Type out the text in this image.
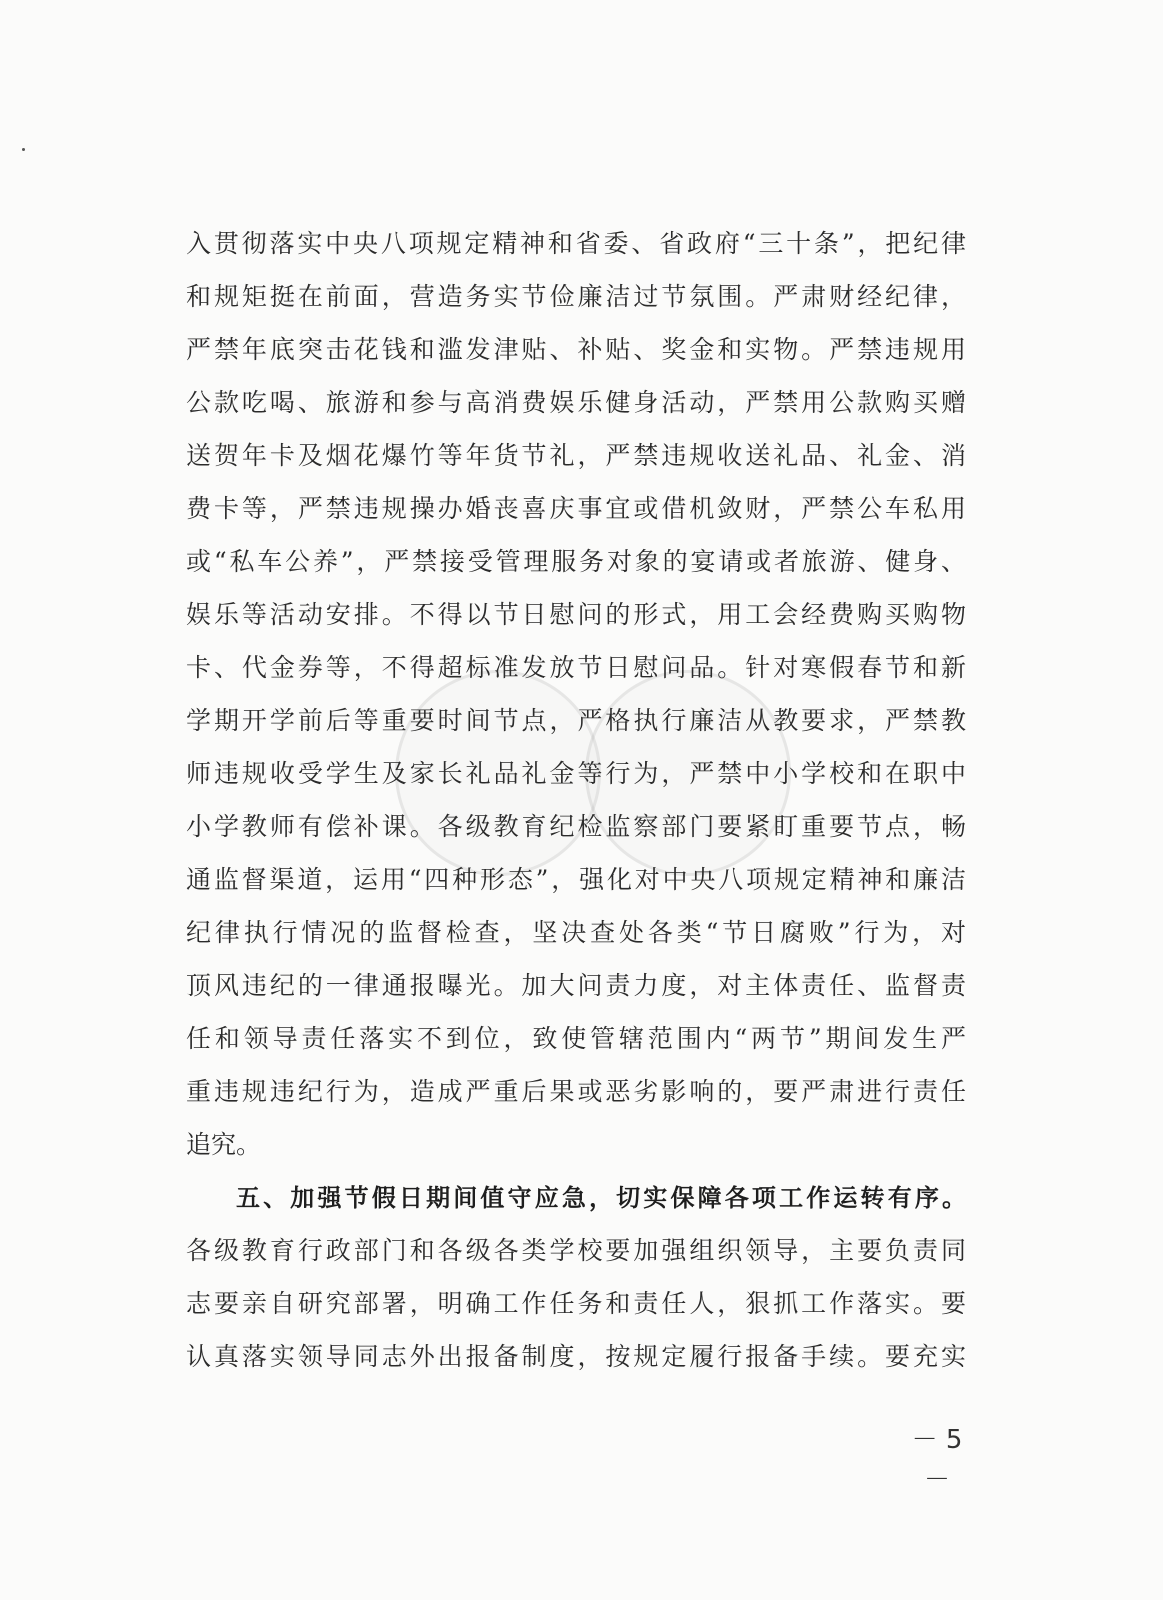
入贯彻落实中央八项规定精神和省委、省政府“三十条”，把纪律
和规矩挺在前面，营造务实节俭廉洁过节氛围。严肃财经纪律，
严禁年底突击花钱和滥发津贴、补贴、奖金和实物。严禁违规用
公款吃喝、旅游和参与高消费娱乐健身活动，严禁用公款购买赠
送贺年卡及烟花爆竹等年货节礼，严禁违规收送礼品、礼金、消
费卡等，严禁违规操办婚丧喜庆事宜或借机敛财，严禁公车私用
或“私车公养”，严禁接受管理服务对象的宴请或者旅游、健身、
娱乐等活动安排。不得以节日慰问的形式，用工会经费购买购物
卡、代金券等，不得超标准发放节日慰问品。针对寒假春节和新
学期开学前后等重要时间节点，严格执行廉洁从教要求，严禁教
师违规收受学生及家长礼品礼金等行为，严禁中小学校和在职中
小学教师有偿补课。各级教育纪检监察部门要紧盯重要节点，畅
通监督渠道，运用“四种形态”，强化对中央八项规定精神和廉洁
纪律执行情况的监督检查，坚决查处各类“节日腐败”行为，对
顶风违纪的一律通报曝光。加大问责力度，对主体责任、监督责
任和领导责任落实不到位，致使管辖范围内“两节”期间发生严
重违规违纪行为，造成严重后果或恶劣影响的，要严肃进行责任
追究。
五、加强节假日期间值守应急，切实保障各项工作运转有序。
各级教育行政部门和各级各类学校要加强组织领导，主要负责同
志要亲自研究部署，明确工作任务和责任人，狠抓工作落实。要
认真落实领导同志外出报备制度，按规定履行报备手续。要充实
－ 5 －
